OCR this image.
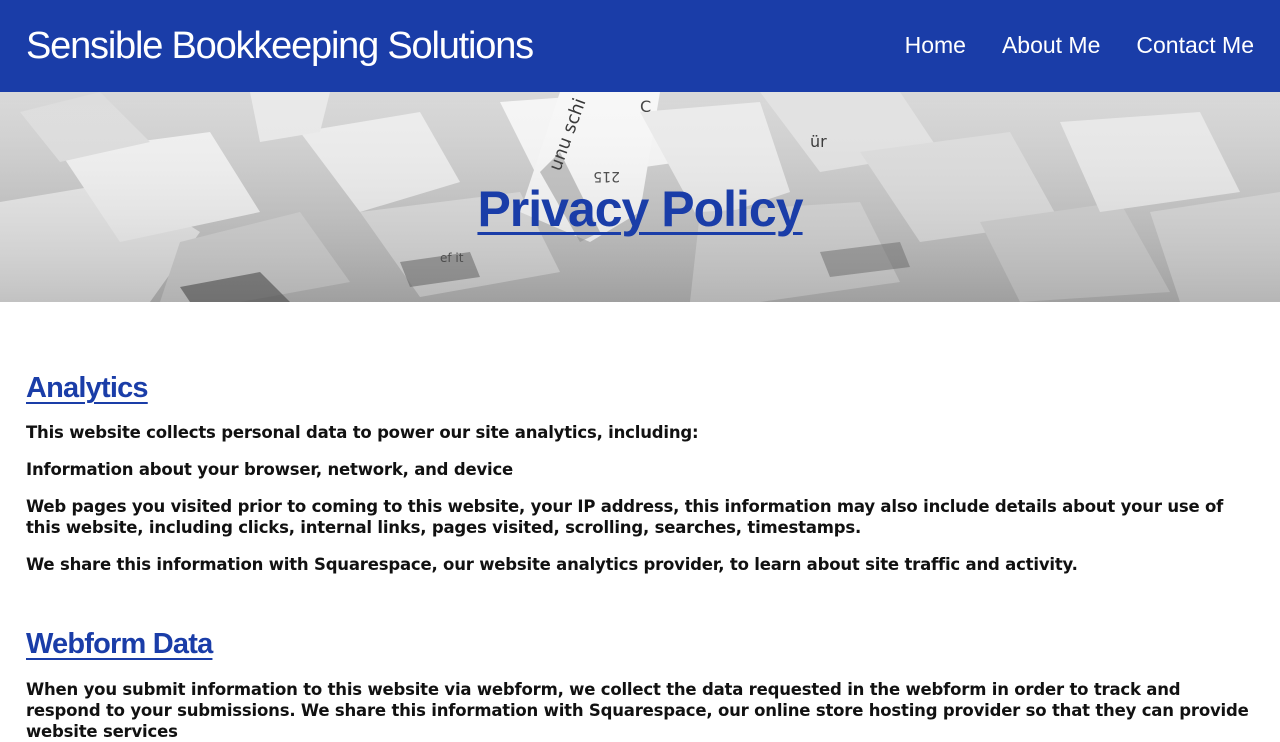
Sensible Bookkeeping Solutions	Home About Me Contact Me
Privacy Policy
Analytics

This website collects personal data to power our site analytics, including:

Information about your browser, network, and device

Web pages you visited prior to coming to this website, your IP address, this information may also include details about your use of this website, including clicks, internal links, pages visited, scrolling, searches, timestamps.

We share this information with Squarespace, our website analytics provider, to learn about site traffic and activity.

Webform Data

When you submit information to this website via webform, we collect the data requested in the webform in order to track and respond to your submissions. We share this information with Squarespace, our online store hosting provider so that they can provide website services
